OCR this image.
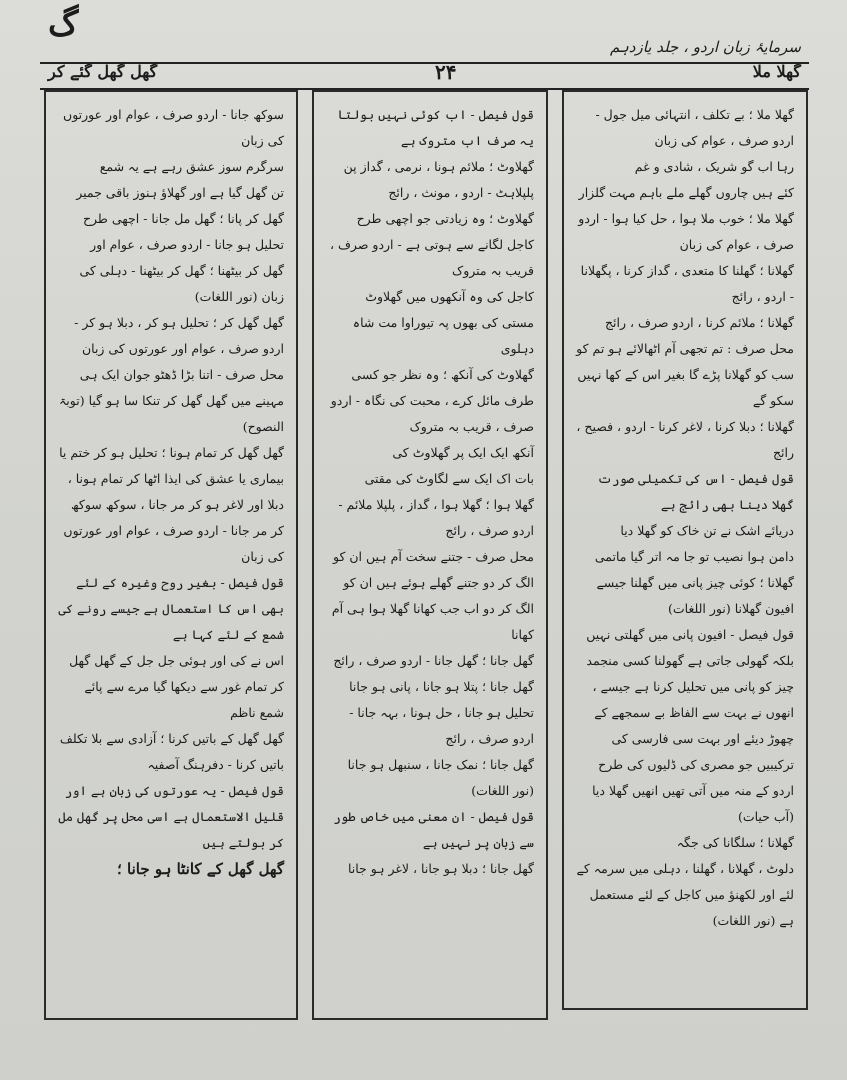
گ
سرمایۂ زبان اردو ، جلد یازدہم
گھل گھل گئے کر	۲۴	گھلا ملا

گھلا ملا ؛ بے تکلف ، انتہائی میل جول - اردو صرف ، عوام کی زبان

رہا اب گو شریک ، شادی و غم

کئے ہیں چاروں گھلے ملے باہم مہت گلزار

گھلا ملا ؛ خوب ملا ہوا ، حل کیا ہوا - اردو صرف ، عوام کی زبان

گھلانا ؛ گھلنا کا متعدی ، گداز کرنا ، پگھلانا - اردو ، رائج

گھلانا ؛ ملائم کرنا ، اردو صرف ، رائج

محل صرف : تم تجھی آم اٹھالائے ہو تم کو سب کو گھلانا پڑے گا بغیر اس کے کھا نہیں سکو گے

گھلانا ؛ دبلا کرنا ، لاغر کرنا - اردو ، فصیح ، رائج

قول فیصل - اس کی تکمیلی صورت گھلا دینا بھی رائج ہے

دریائے اشک نے تن خاک کو گھلا دیا

دامن ہوا نصیب تو جا مہ اتر گیا ماتمی

گھلانا ؛ کوئی چیز پانی میں گھلنا جیسے افیون گھلانا (نور اللغات)

قول فیصل - افیون پانی میں گھلتی نہیں بلکہ گھولی جاتی ہے گھولنا کسی منجمد چیز کو پانی میں تحلیل کرنا ہے جیسے ، انھوں نے بہت سے الفاظ بے سمجھے کے چھوڑ دیئے اور بہت سی فارسی کی ترکیبیں جو مصری کی ڈلیوں کی طرح اردو کے منہ میں آتی تھیں انھیں گھلا دیا (آب حیات)

گھلانا ؛ سلگانا کی جگہ

دلوٹ ، گھلانا ، گھلنا ، دہلی میں سرمہ کے لئے اور لکھنؤ میں کاجل کے لئے مستعمل ہے (نور اللغات)

قول فیصل - اب کوئی نہیں بولتا یہ صرف اب متروک ہے

گھلاوٹ ؛ ملائم ہونا ، نرمی ، گداز پن پلپلاہٹ - اردو ، مونث ، رائج

گھلاوٹ ؛ وہ زیادتی جو اچھی طرح کاجل لگانے سے ہوتی ہے - اردو صرف ، قریب بہ متروک

کاجل کی وہ آنکھوں میں گھلاوٹ

مستی کی بھوں پہ تیوراوا مت شاہ دہلوی

گھلاوٹ کی آنکھ ؛ وہ نظر جو کسی طرف مائل کرے ، محبت کی نگاہ - اردو صرف ، قریب بہ متروک

آنکھ ایک ایک پر گھلاوٹ کی

بات اک ایک سے لگاوٹ کی مقتی

گھلا ہوا ؛ گھلا ہوا ، گداز ، پلپلا ملائم - اردو صرف ، رائج

محل صرف - جتنے سخت آم ہیں ان کو الگ کر دو جتنے گھلے ہوئے ہیں ان کو الگ کر دو اب جب کھانا گھلا ہوا ہی آم کھانا

گھل جانا ؛ گھل جانا - اردو صرف ، رائج

گھل جانا ؛ پتلا ہو جانا ، پانی ہو جانا تحلیل ہو جانا ، حل ہونا ، بہہ جانا - اردو صرف ، رائج

گھل جانا ؛ نمک جانا ، سنبھل ہو جانا (نور اللغات)

قول فیصل - ان معنی میں خاص طور سے زبان پر نہیں ہے

گھل جانا ؛ دبلا ہو جانا ، لاغر ہو جانا

سوکھ جانا - اردو صرف ، عوام اور عورتوں کی زبان

سرگرم سوز عشق رہے ہے یہ شمع

تن گھل گیا ہے اور گھلاؤ ہنوز باقی جمیر

گھل کر پانا ؛ گھل مل جانا - اچھی طرح تحلیل ہو جانا - اردو صرف ، عوام اور

گھل کر بیٹھنا ؛ گھل کر بیٹھنا - دہلی کی زبان (نور اللغات)

گھل گھل کر ؛ تحلیل ہو کر ، دبلا ہو کر - اردو صرف ، عوام اور عورتوں کی زبان

محل صرف - اتنا بڑا ڈھٹو جوان ایک ہی مہینے میں گھل گھل کر تنکا سا ہو گیا (توبۃ النصوح)

گھل گھل کر تمام ہونا ؛ تحلیل ہو کر ختم یا بیماری یا عشق کی ایذا اٹھا کر تمام ہونا ، دبلا اور لاغر ہو کر مر جانا ، سوکھ سوکھ کر مر جانا - اردو صرف ، عوام اور عورتوں کی زبان

قول فیصل - بغیر روح وغیرہ کے لئے بھی اس کا استعمال ہے جیسے رونے کی شمع کے لئے کہا ہے

اس نے کی اور ہوئی جل جل کے گھل گھل کر تمام غور سے دیکھا گیا مرے سے پائے شمع ناظم

گھل گھل کے باتیں کرنا ؛ آزادی سے بلا تکلف باتیں کرنا - دفرہنگ آصفیہ

قول فیصل - یہ عورتوں کی زبان ہے اور قلیل الاستعمال ہے اسی محل پر گھل مل کر بولتے ہیں

گھل گھل کے کانٹا ہو جانا ؛
